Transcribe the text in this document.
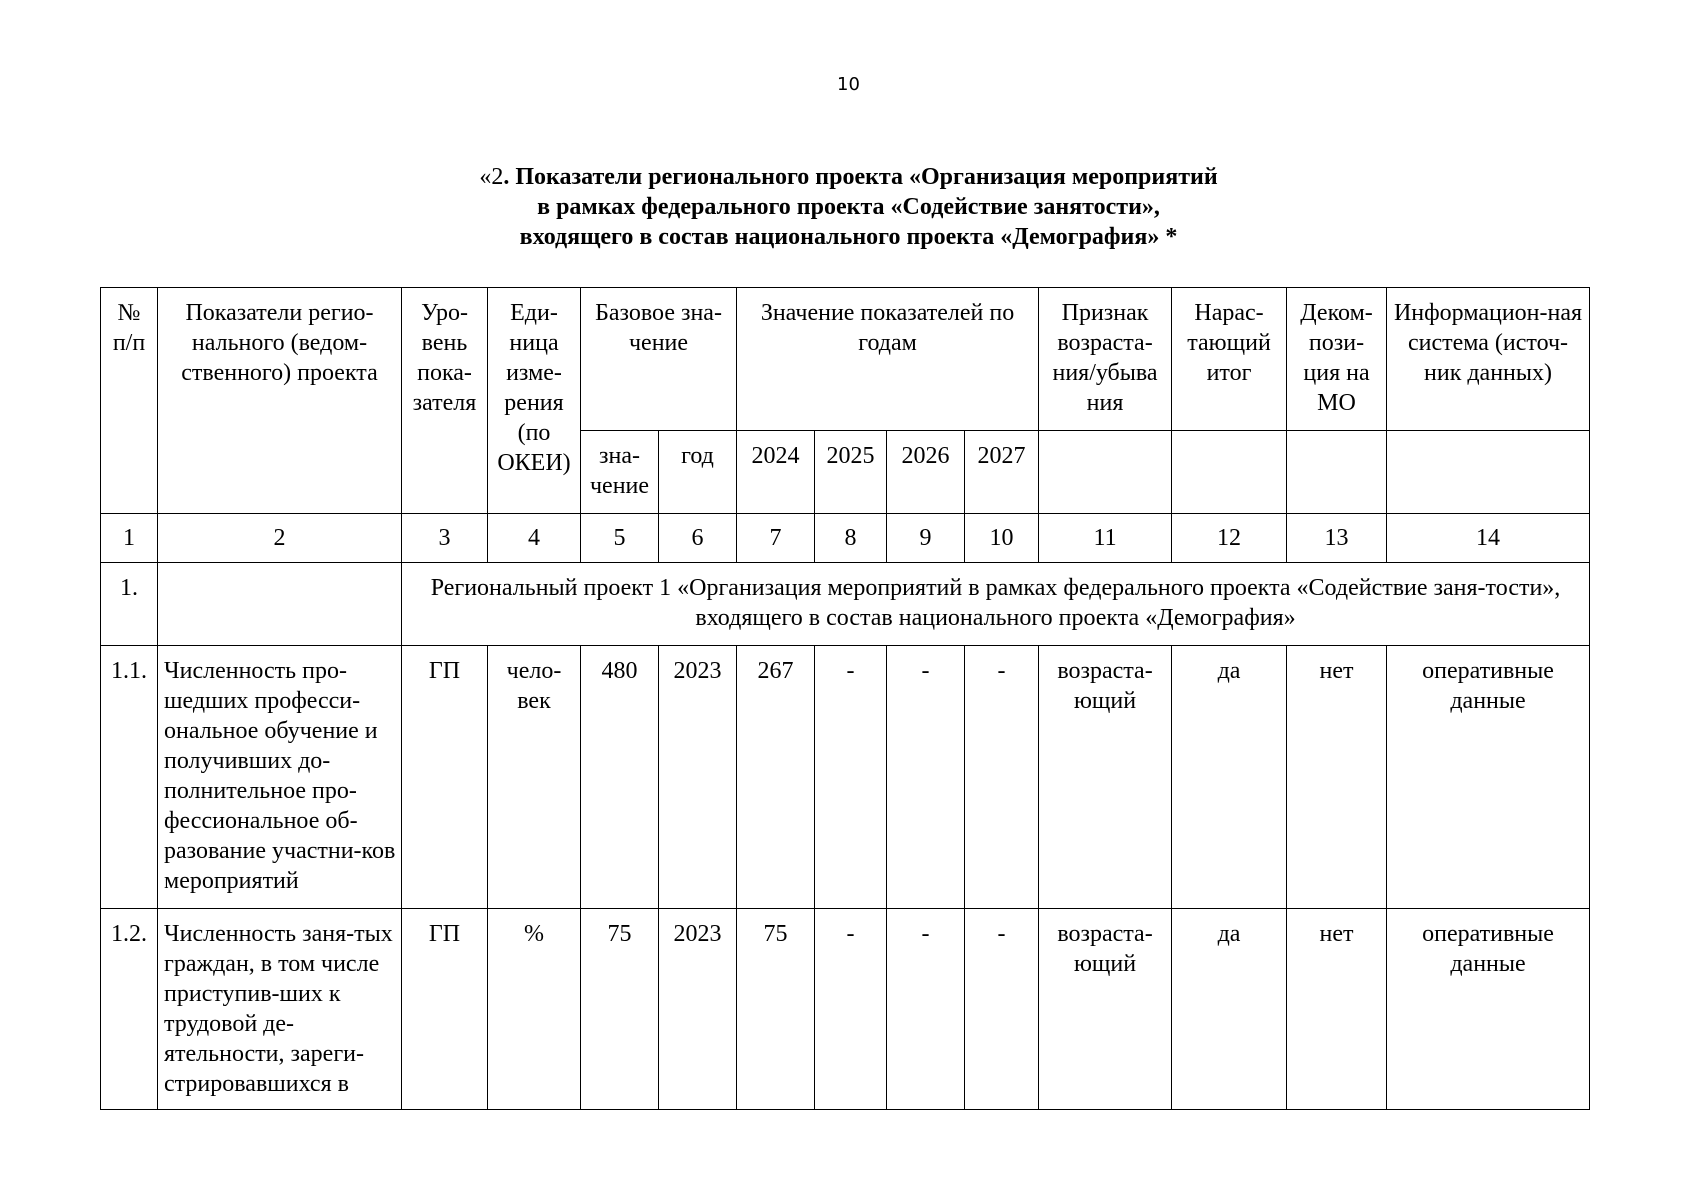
10
«2. Показатели регионального проекта «Организация мероприятий
в рамках федерального проекта «Содействие занятости»,
входящего в состав национального проекта «Демография» *
№ п/п	Показатели регио-нального (ведом-ственного) проекта	Уро-вень пока-зателя	Еди-ница изме-рения (по ОКЕИ)	Базовое зна-чение		Значение показателей по годам				Признак возраста-ния/убыва ния	Нарас-тающий итог	Деком-пози-ция на МО	Информацион-ная система (источ-ник данных)
				зна-чение	год	2024	2025	2026	2027				
1	2	3	4	5	6	7	8	9	10	11	12	13	14
1.		Региональный проект 1 «Организация мероприятий в рамках федерального проекта «Содействие заня-тости», входящего в состав национального проекта «Демография»											
1.1.	Численность про-шедших професси-ональное обучение и получивших до-полнительное про-фессиональное об-разование участни-ков мероприятий	ГП	чело-век	480	2023	267	-	-	-	возраста-ющий	да	нет	оперативные данные
1.2.	Численность заня-тых граждан, в том числе приступив-ших к трудовой де-ятельности, зареги-стрировавшихся в	ГП	%	75	2023	75	-	-	-	возраста-ющий	да	нет	оперативные данные
